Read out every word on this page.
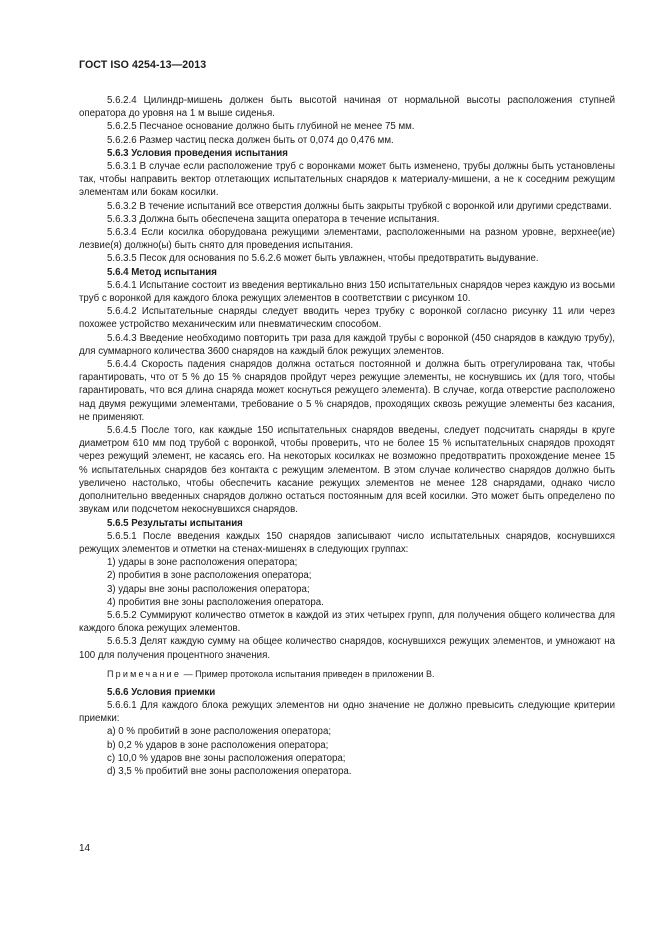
ГОСТ ISO 4254-13—2013

5.6.2.4 Цилиндр-мишень должен быть высотой начиная от нормальной высоты расположения ступней оператора до уровня на 1 м выше сиденья.

5.6.2.5 Песчаное основание должно быть глубиной не менее 75 мм.

5.6.2.6 Размер частиц песка должен быть от 0,074 до 0,476 мм.

5.6.3 Условия проведения испытания

5.6.3.1 В случае если расположение труб с воронками может быть изменено, трубы должны быть установлены так, чтобы направить вектор отлетающих испытательных снарядов к материалу-мишени, а не к соседним режущим элементам или бокам косилки.

5.6.3.2 В течение испытаний все отверстия должны быть закрыты трубкой с воронкой или другими средствами.

5.6.3.3 Должна быть обеспечена защита оператора в течение испытания.

5.6.3.4 Если косилка оборудована режущими элементами, расположенными на разном уровне, верхнее(ие) лезвие(я) должно(ы) быть снято для проведения испытания.

5.6.3.5 Песок для основания по 5.6.2.6 может быть увлажнен, чтобы предотвратить выдувание.

5.6.4 Метод испытания

5.6.4.1 Испытание состоит из введения вертикально вниз 150 испытательных снарядов через каждую из восьми труб с воронкой для каждого блока режущих элементов в соответствии с рисунком 10.

5.6.4.2 Испытательные снаряды следует вводить через трубку с воронкой согласно рисунку 11 или через похожее устройство механическим или пневматическим способом.

5.6.4.3 Введение необходимо повторить три раза для каждой трубы с воронкой (450 снарядов в каждую трубу), для суммарного количества 3600 снарядов на каждый блок режущих элементов.

5.6.4.4 Скорость падения снарядов должна остаться постоянной и должна быть отрегулирована так, чтобы гарантировать, что от 5 % до 15 % снарядов пройдут через режущие элементы, не коснувшись их (для того, чтобы гарантировать, что вся длина снаряда может коснуться режущего элемента). В случае, когда отверстие расположено над двумя режущими элементами, требование о 5 % снарядов, проходящих сквозь режущие элементы без касания, не применяют.

5.6.4.5 После того, как каждые 150 испытательных снарядов введены, следует подсчитать снаряды в круге диаметром 610 мм под трубой с воронкой, чтобы проверить, что не более 15 % испытательных снарядов проходят через режущий элемент, не касаясь его. На некоторых косилках не возможно предотвратить прохождение менее 15 % испытательных снарядов без контакта с режущим элементом. В этом случае количество снарядов должно быть увеличено настолько, чтобы обеспечить касание режущих элементов не менее 128 снарядами, однако число дополнительно введенных снарядов должно остаться постоянным для всей косилки. Это может быть определено по звукам или подсчетом некоснувшихся снарядов.

5.6.5 Результаты испытания

5.6.5.1 После введения каждых 150 снарядов записывают число испытательных снарядов, коснувшихся режущих элементов и отметки на стенах-мишенях в следующих группах:

1) удары в зоне расположения оператора;

2) пробития в зоне расположения оператора;

3) удары вне зоны расположения оператора;

4) пробития вне зоны расположения оператора.

5.6.5.2 Суммируют количество отметок в каждой из этих четырех групп, для получения общего количества для каждого блока режущих элементов.

5.6.5.3 Делят каждую сумму на общее количество снарядов, коснувшихся режущих элементов, и умножают на 100 для получения процентного значения.

Примечание — Пример протокола испытания приведен в приложении В.

5.6.6 Условия приемки

5.6.6.1 Для каждого блока режущих элементов ни одно значение не должно превысить следующие критерии приемки:

a) 0 % пробитий в зоне расположения оператора;

b) 0,2 % ударов в зоне расположения оператора;

c) 10,0 % ударов вне зоны расположения оператора;

d) 3,5 % пробитий вне зоны расположения оператора.

14
